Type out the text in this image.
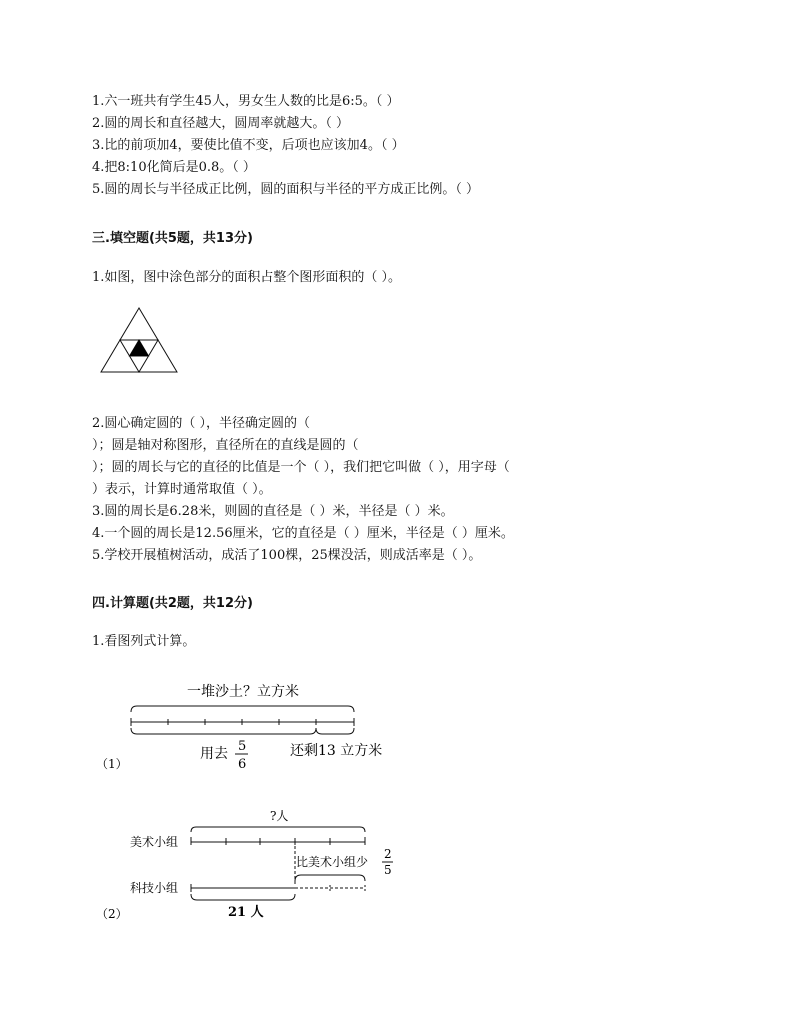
1.六一班共有学生45人，男女生人数的比是6:5。（ ）
2.圆的周长和直径越大，圆周率就越大。（ ）
3.比的前项加4，要使比值不变，后项也应该加4。（ ）
4.把8:10化简后是0.8。（ ）
5.圆的周长与半径成正比例，圆的面积与半径的平方成正比例。（ ）
三.填空题(共5题，共13分)
1.如图，图中涂色部分的面积占整个图形面积的（ ）。
2.圆心确定圆的（ ），半径确定圆的（
）；圆是轴对称图形，直径所在的直线是圆的（
）；圆的周长与它的直径的比值是一个（ ），我们把它叫做（ ），用字母（
）表示，计算时通常取值（ ）。
3.圆的周长是6.28米，则圆的直径是（ ）米，半径是（ ）米。
4.一个圆的周长是12.56厘米，它的直径是（ ）厘米，半径是（ ）厘米。
5.学校开展植树活动，成活了100棵，25棵没活，则成活率是（ ）。
四.计算题(共2题，共12分)
1.看图列式计算。
（1）
一堆沙土？立方米
用去 5
6
还剩13 立方米
（2）
?人
美术小组
科技小组
比美术小组少
2
5
21 人
